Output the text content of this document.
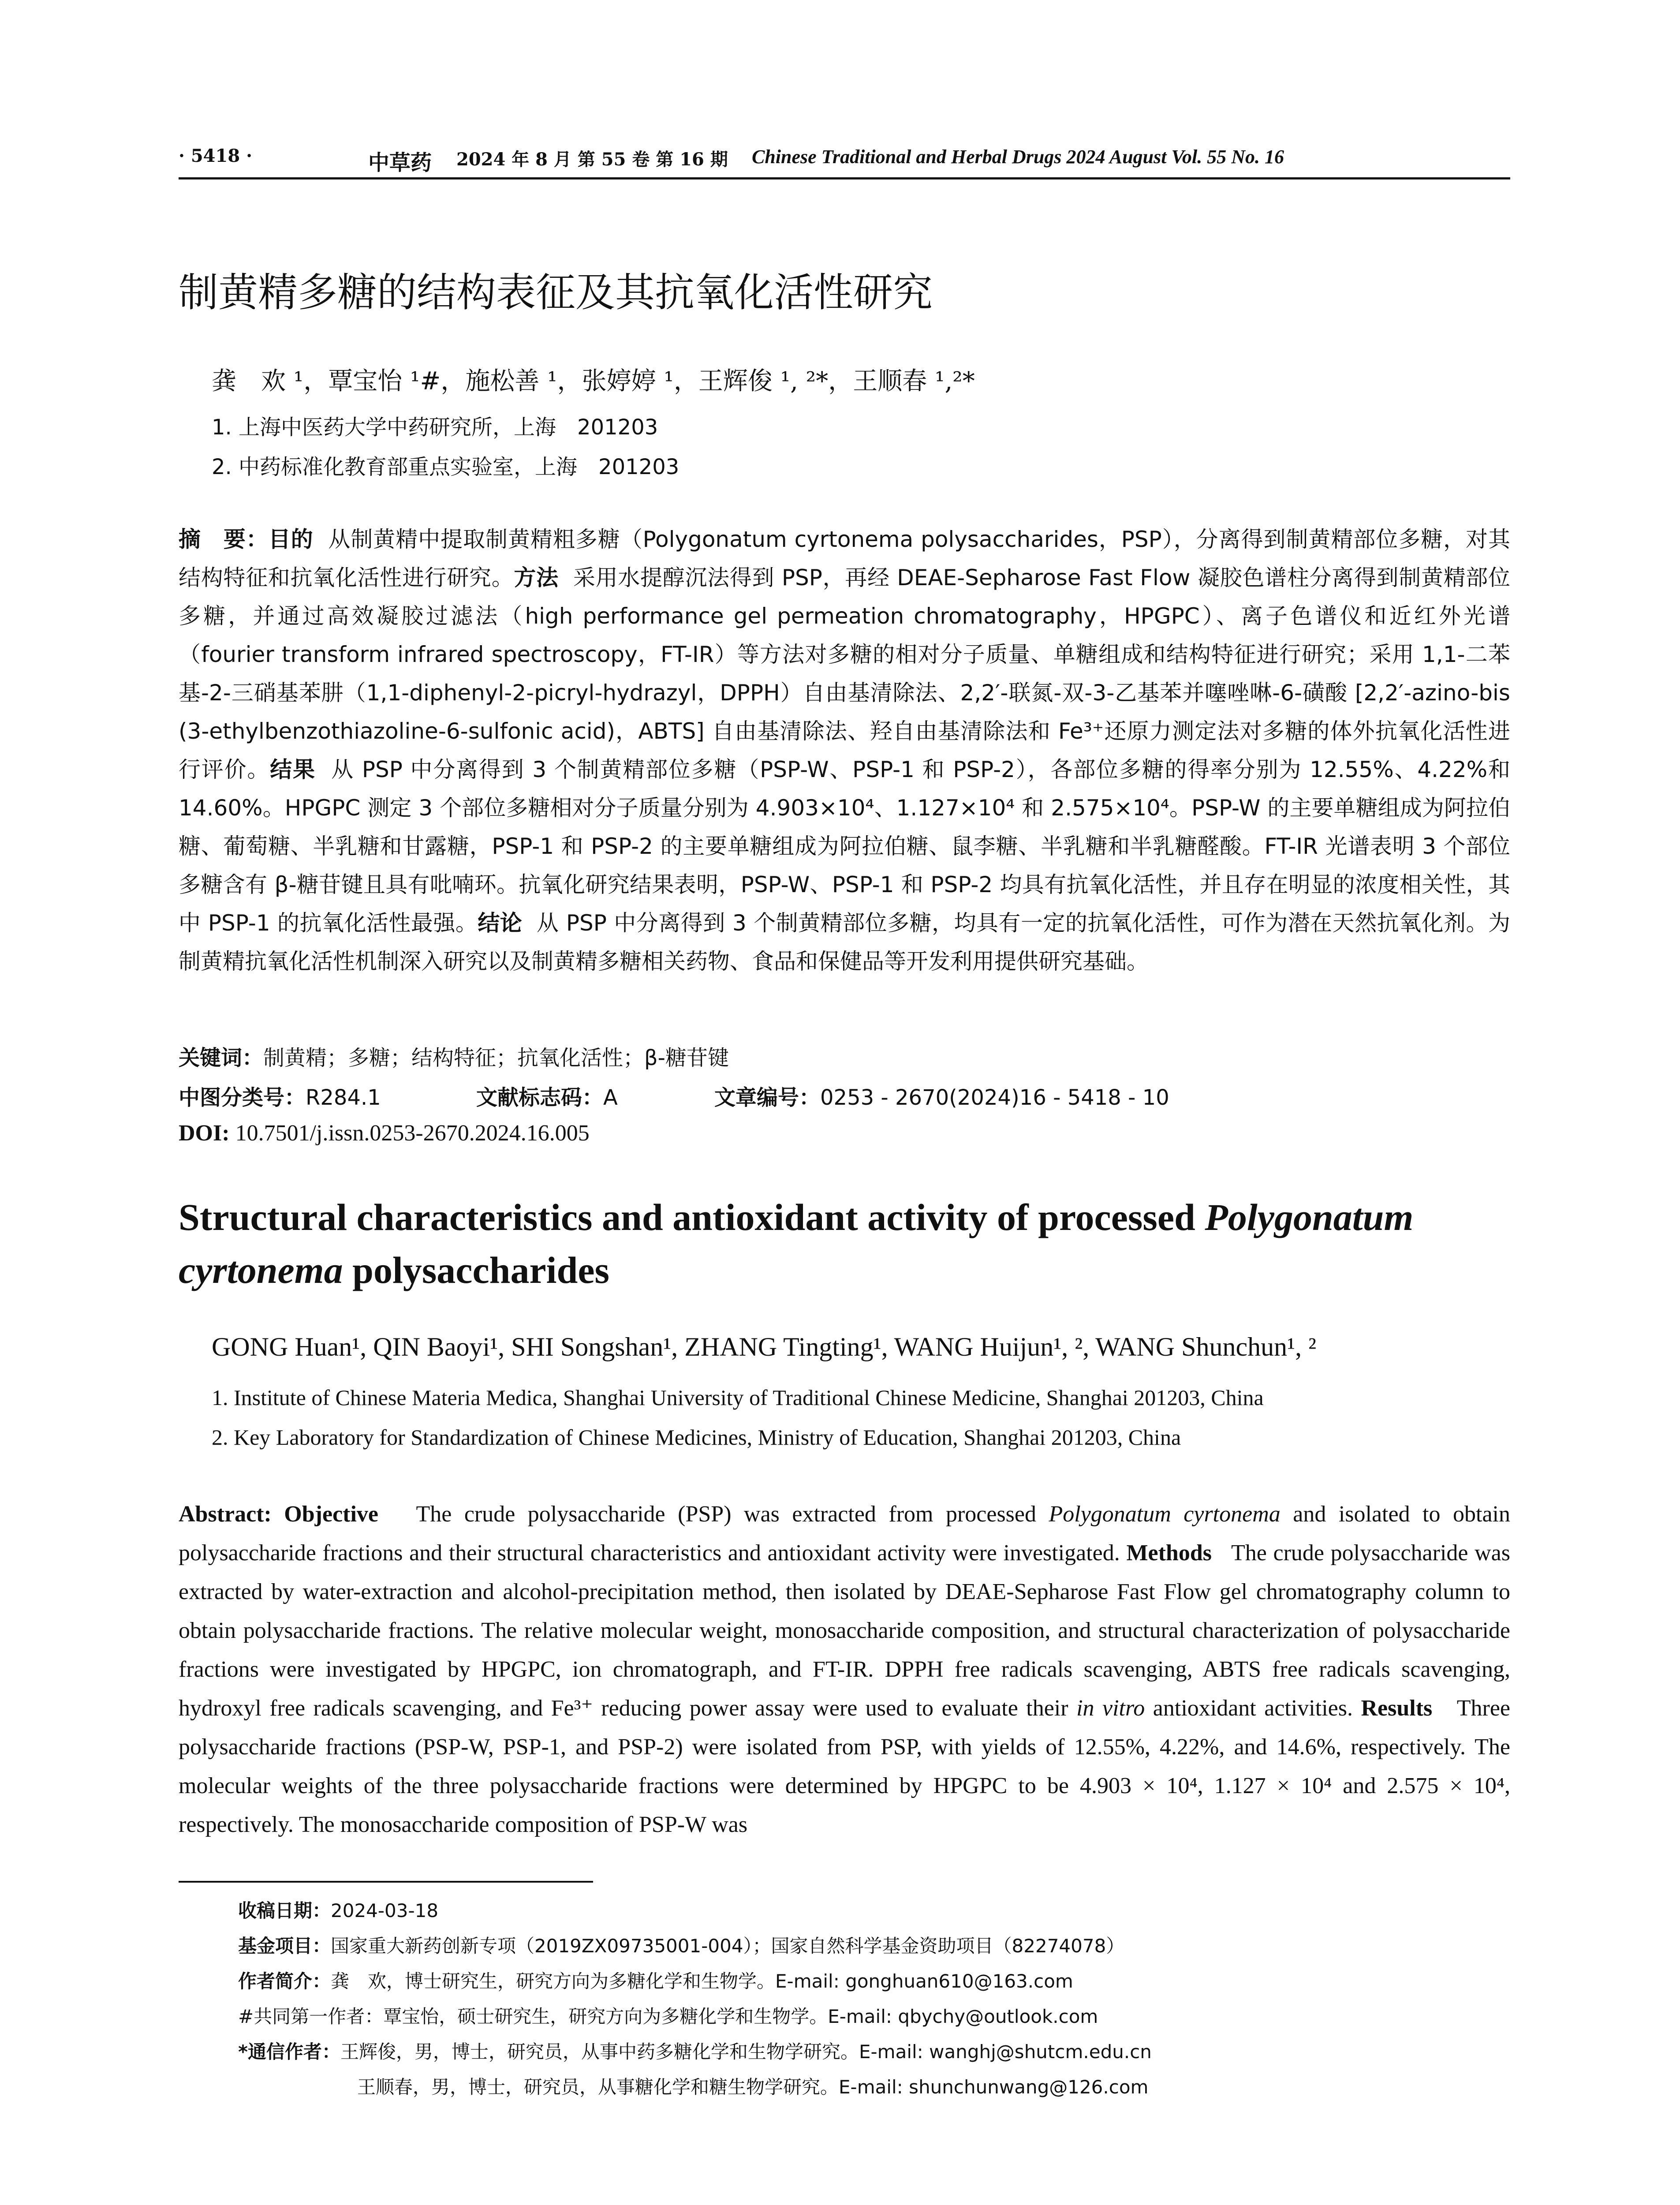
· 5418 ·	中草药 2024 年 8 月 第 55 卷 第 16 期 Chinese Traditional and Herbal Drugs 2024 August Vol. 55 No. 16
制黄精多糖的结构表征及其抗氧化活性研究
龚　欢 ¹，覃宝怡 ¹#，施松善 ¹，张婷婷 ¹，王辉俊 ¹, ²*，王顺春 ¹,²*
1. 上海中医药大学中药研究所，上海　201203
2. 中药标准化教育部重点实验室，上海　201203
摘　要：目的 从制黄精中提取制黄精粗多糖（Polygonatum cyrtonema polysaccharides，PSP），分离得到制黄精部位多糖，对其结构特征和抗氧化活性进行研究。方法 采用水提醇沉法得到 PSP，再经 DEAE-Sepharose Fast Flow 凝胶色谱柱分离得到制黄精部位多糖，并通过高效凝胶过滤法（high performance gel permeation chromatography，HPGPC）、离子色谱仪和近红外光谱（fourier transform infrared spectroscopy，FT-IR）等方法对多糖的相对分子质量、单糖组成和结构特征进行研究；采用 1,1-二苯基-2-三硝基苯肼（1,1-diphenyl-2-picryl-hydrazyl，DPPH）自由基清除法、2,2′-联氮-双-3-乙基苯并噻唑啉-6-磺酸 [2,2′-azino-bis (3-ethylbenzothiazoline-6-sulfonic acid)，ABTS] 自由基清除法、羟自由基清除法和 Fe³⁺还原力测定法对多糖的体外抗氧化活性进行评价。结果 从 PSP 中分离得到 3 个制黄精部位多糖（PSP-W、PSP-1 和 PSP-2），各部位多糖的得率分别为 12.55%、4.22%和 14.60%。HPGPC 测定 3 个部位多糖相对分子质量分别为 4.903×10⁴、1.127×10⁴ 和 2.575×10⁴。PSP-W 的主要单糖组成为阿拉伯糖、葡萄糖、半乳糖和甘露糖，PSP-1 和 PSP-2 的主要单糖组成为阿拉伯糖、鼠李糖、半乳糖和半乳糖醛酸。FT-IR 光谱表明 3 个部位多糖含有 β-糖苷键且具有吡喃环。抗氧化研究结果表明，PSP-W、PSP-1 和 PSP-2 均具有抗氧化活性，并且存在明显的浓度相关性，其中 PSP-1 的抗氧化活性最强。结论 从 PSP 中分离得到 3 个制黄精部位多糖，均具有一定的抗氧化活性，可作为潜在天然抗氧化剂。为制黄精抗氧化活性机制深入研究以及制黄精多糖相关药物、食品和保健品等开发利用提供研究基础。
关键词：制黄精；多糖；结构特征；抗氧化活性；β-糖苷键
中图分类号：R284.1	文献标志码：A	文章编号：0253 - 2670(2024)16 - 5418 - 10
DOI: 10.7501/j.issn.0253-2670.2024.16.005
Structural characteristics and antioxidant activity of processed Polygonatum
cyrtonema polysaccharides
GONG Huan¹, QIN Baoyi¹, SHI Songshan¹, ZHANG Tingting¹, WANG Huijun¹, ², WANG Shunchun¹, ²
1. Institute of Chinese Materia Medica, Shanghai University of Traditional Chinese Medicine, Shanghai 201203, China
2. Key Laboratory for Standardization of Chinese Medicines, Ministry of Education, Shanghai 201203, China
Abstract: Objective The crude polysaccharide (PSP) was extracted from processed Polygonatum cyrtonema and isolated to obtain polysaccharide fractions and their structural characteristics and antioxidant activity were investigated. Methods The crude polysaccharide was extracted by water-extraction and alcohol-precipitation method, then isolated by DEAE-Sepharose Fast Flow gel chromatography column to obtain polysaccharide fractions. The relative molecular weight, monosaccharide composition, and structural characterization of polysaccharide fractions were investigated by HPGPC, ion chromatograph, and FT-IR. DPPH free radicals scavenging, ABTS free radicals scavenging, hydroxyl free radicals scavenging, and Fe³⁺ reducing power assay were used to evaluate their in vitro antioxidant activities. Results Three polysaccharide fractions (PSP-W, PSP-1, and PSP-2) were isolated from PSP, with yields of 12.55%, 4.22%, and 14.6%, respectively. The molecular weights of the three polysaccharide fractions were determined by HPGPC to be 4.903 × 10⁴, 1.127 × 10⁴ and 2.575 × 10⁴, respectively. The monosaccharide composition of PSP-W was
收稿日期：2024-03-18
基金项目：国家重大新药创新专项（2019ZX09735001-004）；国家自然科学基金资助项目（82274078）
作者简介：龚　欢，博士研究生，研究方向为多糖化学和生物学。E-mail: gonghuan610@163.com
#共同第一作者：覃宝怡，硕士研究生，研究方向为多糖化学和生物学。E-mail: qbychy@outlook.com
*通信作者：王辉俊，男，博士，研究员，从事中药多糖化学和生物学研究。E-mail: wanghj@shutcm.edu.cn
王顺春，男，博士，研究员，从事糖化学和糖生物学研究。E-mail: shunchunwang@126.com
